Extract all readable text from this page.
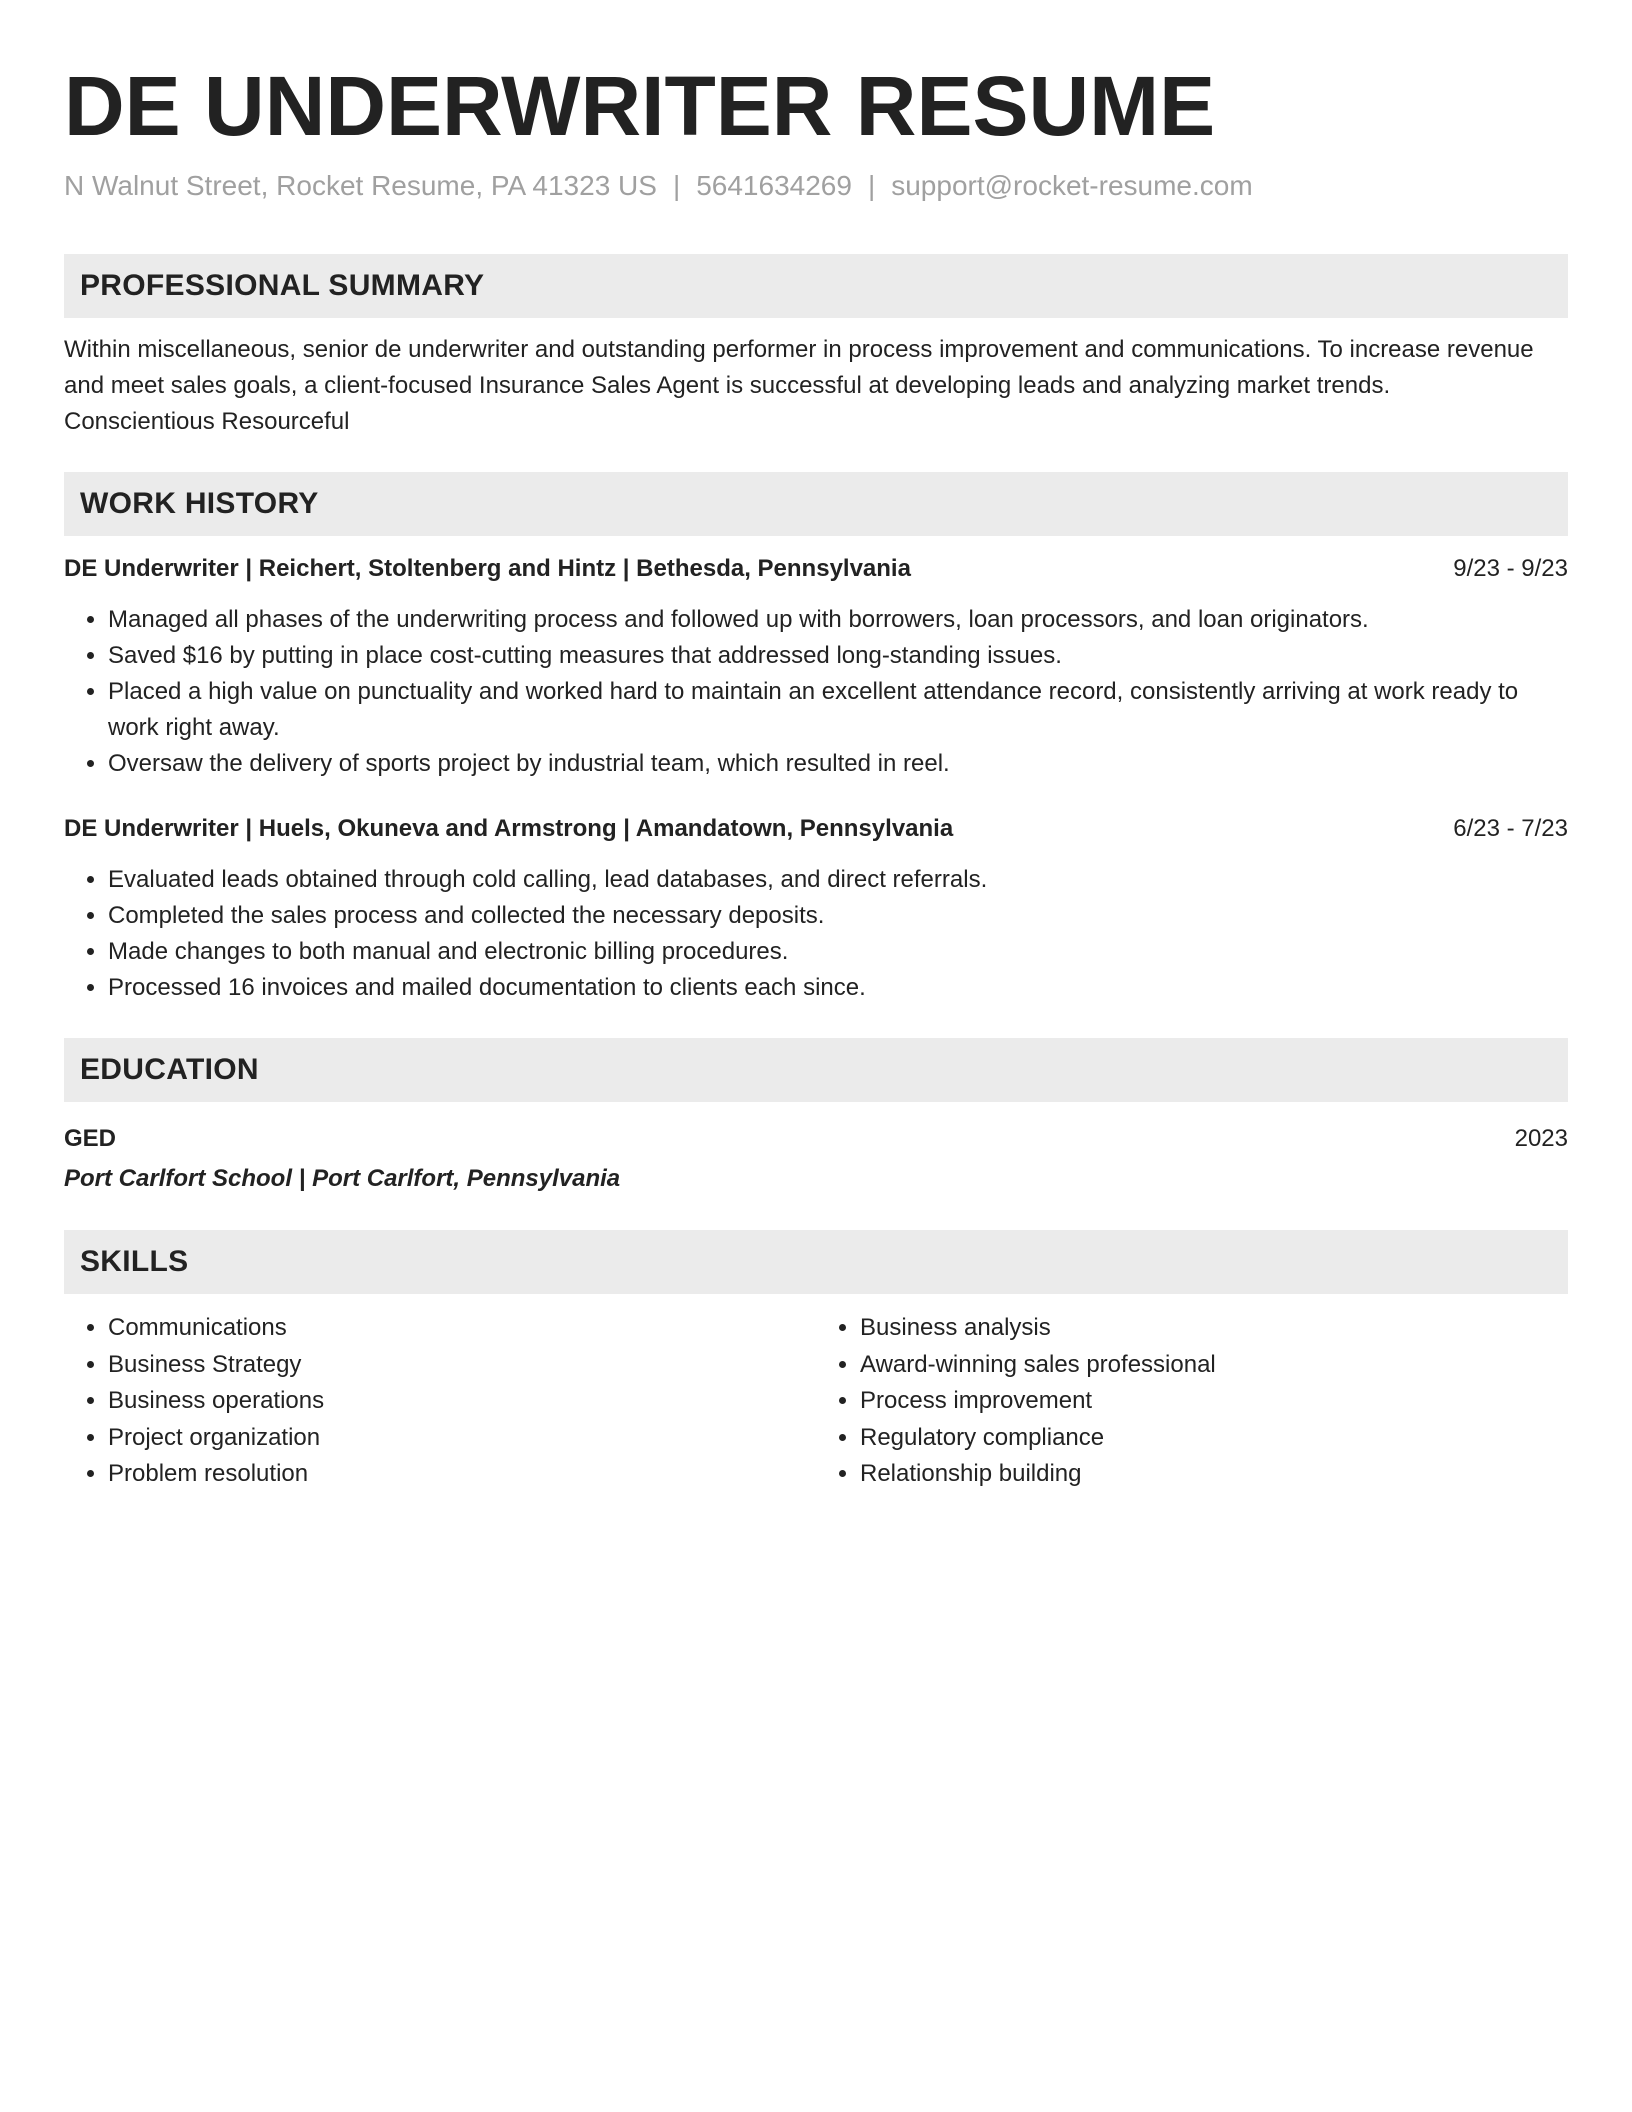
DE UNDERWRITER RESUME
N Walnut Street, Rocket Resume, PA 41323 US | 5641634269 | support@rocket-resume.com
PROFESSIONAL SUMMARY
Within miscellaneous, senior de underwriter and outstanding performer in process improvement and communications. To increase revenue and meet sales goals, a client-focused Insurance Sales Agent is successful at developing leads and analyzing market trends. Conscientious Resourceful
WORK HISTORY
DE Underwriter | Reichert, Stoltenberg and Hintz | Bethesda, Pennsylvania	9/23 - 9/23
• Managed all phases of the underwriting process and followed up with borrowers, loan processors, and loan originators.
• Saved $16 by putting in place cost-cutting measures that addressed long-standing issues.
• Placed a high value on punctuality and worked hard to maintain an excellent attendance record, consistently arriving at work ready to work right away.
• Oversaw the delivery of sports project by industrial team, which resulted in reel.
DE Underwriter | Huels, Okuneva and Armstrong | Amandatown, Pennsylvania	6/23 - 7/23
• Evaluated leads obtained through cold calling, lead databases, and direct referrals.
• Completed the sales process and collected the necessary deposits.
• Made changes to both manual and electronic billing procedures.
• Processed 16 invoices and mailed documentation to clients each since.
EDUCATION
GED	2023
Port Carlfort School | Port Carlfort, Pennsylvania
SKILLS
• Communications
• Business Strategy
• Business operations
• Project organization
• Problem resolution
• Business analysis
• Award-winning sales professional
• Process improvement
• Regulatory compliance
• Relationship building
